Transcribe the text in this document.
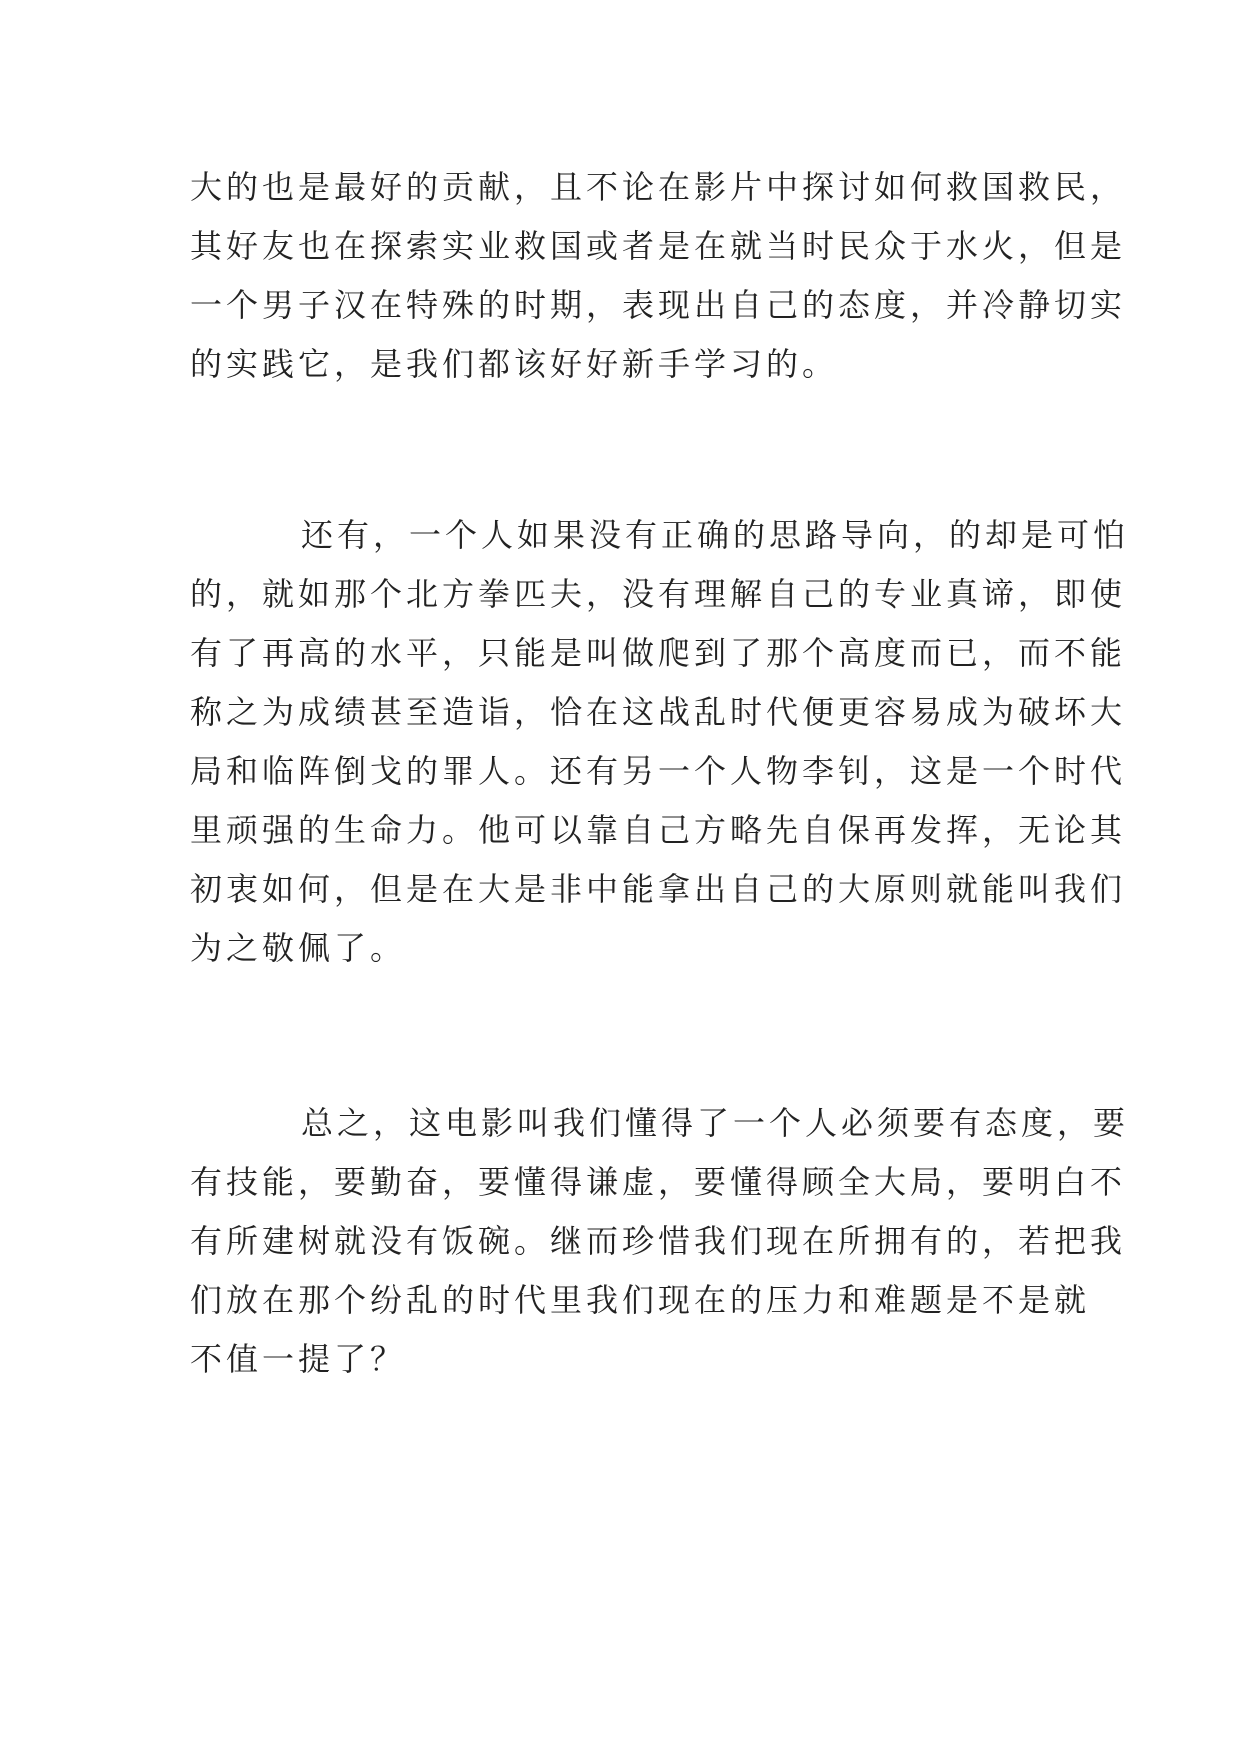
大的也是最好的贡献，且不论在影片中探讨如何救国救民，
其好友也在探索实业救国或者是在就当时民众于水火，但是
一个男子汉在特殊的时期，表现出自己的态度，并冷静切实
的实践它，是我们都该好好新手学习的。
还有，一个人如果没有正确的思路导向，的却是可怕
的，就如那个北方拳匹夫，没有理解自己的专业真谛，即使
有了再高的水平，只能是叫做爬到了那个高度而已，而不能
称之为成绩甚至造诣，恰在这战乱时代便更容易成为破坏大
局和临阵倒戈的罪人。还有另一个人物李钊，这是一个时代
里顽强的生命力。他可以靠自己方略先自保再发挥，无论其
初衷如何，但是在大是非中能拿出自己的大原则就能叫我们
为之敬佩了。
总之，这电影叫我们懂得了一个人必须要有态度，要
有技能，要勤奋，要懂得谦虚，要懂得顾全大局，要明白不
有所建树就没有饭碗。继而珍惜我们现在所拥有的，若把我
们放在那个纷乱的时代里我们现在的压力和难题是不是就
不值一提了？
